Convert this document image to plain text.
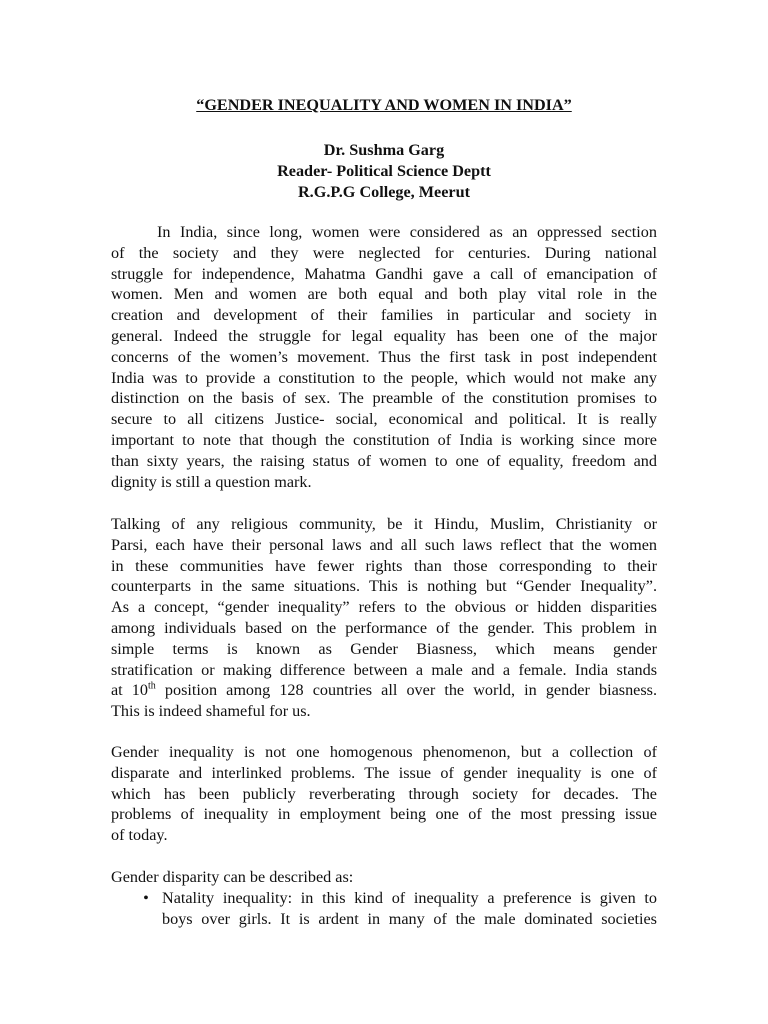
“GENDER INEQUALITY AND WOMEN IN INDIA”
Dr. Sushma Garg
Reader- Political Science Deptt
R.G.P.G College, Meerut
In India, since long, women were considered as an oppressed section
of the society and they were neglected for centuries. During national
struggle for independence, Mahatma Gandhi gave a call of emancipation of
women. Men and women are both equal and both play vital role in the
creation and development of their families in particular and society in
general. Indeed the struggle for legal equality has been one of the major
concerns of the women’s movement. Thus the first task in post independent
India was to provide a constitution to the people, which would not make any
distinction on the basis of sex. The preamble of the constitution promises to
secure to all citizens Justice- social, economical and political. It is really
important to note that though the constitution of India is working since more
than sixty years, the raising status of women to one of equality, freedom and
dignity is still a question mark.
Talking of any religious community, be it Hindu, Muslim, Christianity or
Parsi, each have their personal laws and all such laws reflect that the women
in these communities have fewer rights than those corresponding to their
counterparts in the same situations. This is nothing but “Gender Inequality”.
As a concept, “gender inequality” refers to the obvious or hidden disparities
among individuals based on the performance of the gender. This problem in
simple terms is known as Gender Biasness, which means gender
stratification or making difference between a male and a female. India stands
at 10th position among 128 countries all over the world, in gender biasness.
This is indeed shameful for us.
Gender inequality is not one homogenous phenomenon, but a collection of
disparate and interlinked problems. The issue of gender inequality is one of
which has been publicly reverberating through society for decades. The
problems of inequality in employment being one of the most pressing issue
of today.
Gender disparity can be described as:
• Natality inequality: in this kind of inequality a preference is given to
boys over girls. It is ardent in many of the male dominated societies
